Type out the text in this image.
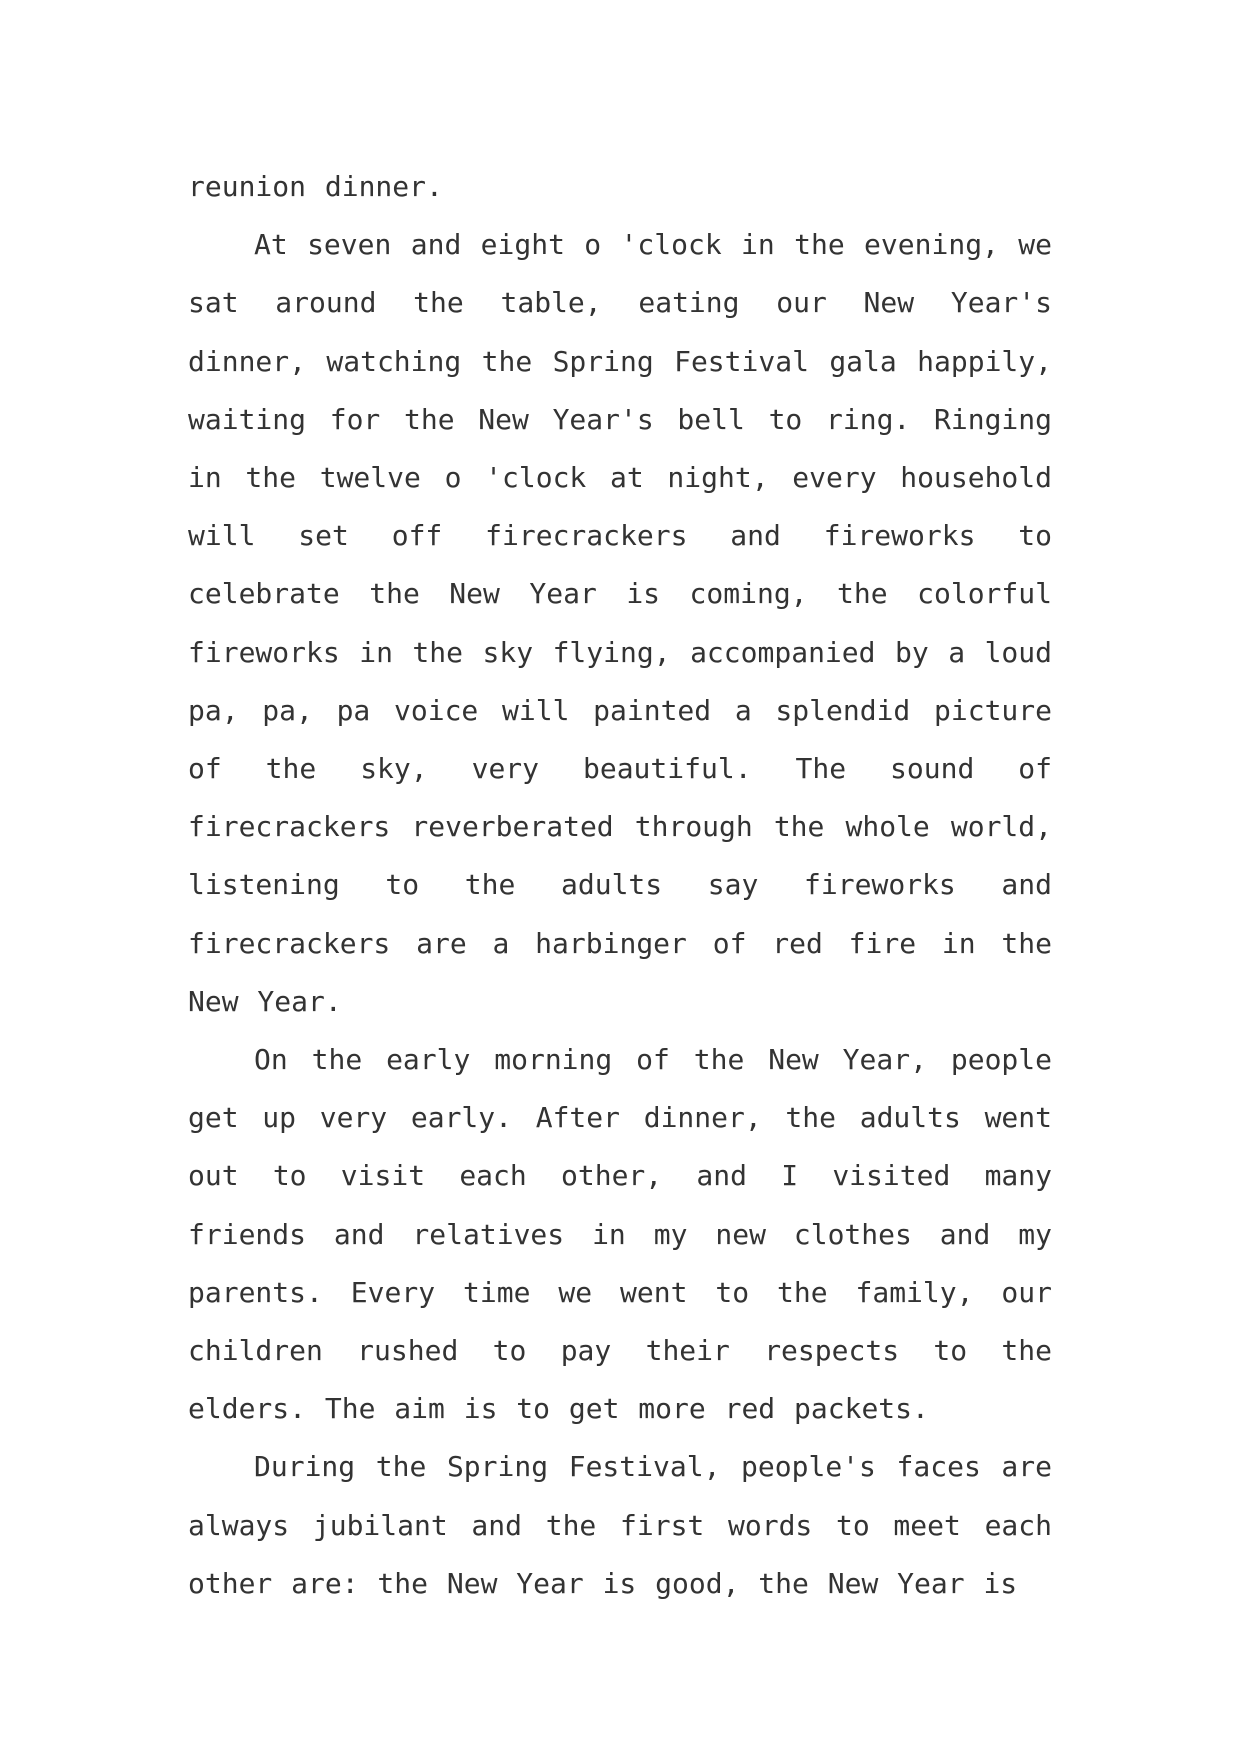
reunion dinner.

At seven and eight o 'clock in the evening, we sat around the table, eating our New Year's dinner, watching the Spring Festival gala happily, waiting for the New Year's bell to ring. Ringing in the twelve o 'clock at night, every household will set off firecrackers and fireworks to celebrate the New Year is coming, the colorful fireworks in the sky flying, accompanied by a loud pa, pa, pa voice will painted a splendid picture of the sky, very beautiful. The sound of firecrackers reverberated through the whole world, listening to the adults say fireworks and firecrackers are a harbinger of red fire in the New Year.

On the early morning of the New Year, people get up very early. After dinner, the adults went out to visit each other, and I visited many friends and relatives in my new clothes and my parents. Every time we went to the family, our children rushed to pay their respects to the elders. The aim is to get more red packets.

During the Spring Festival, people's faces are always jubilant and the first words to meet each other are: the New Year is good, the New Year is
